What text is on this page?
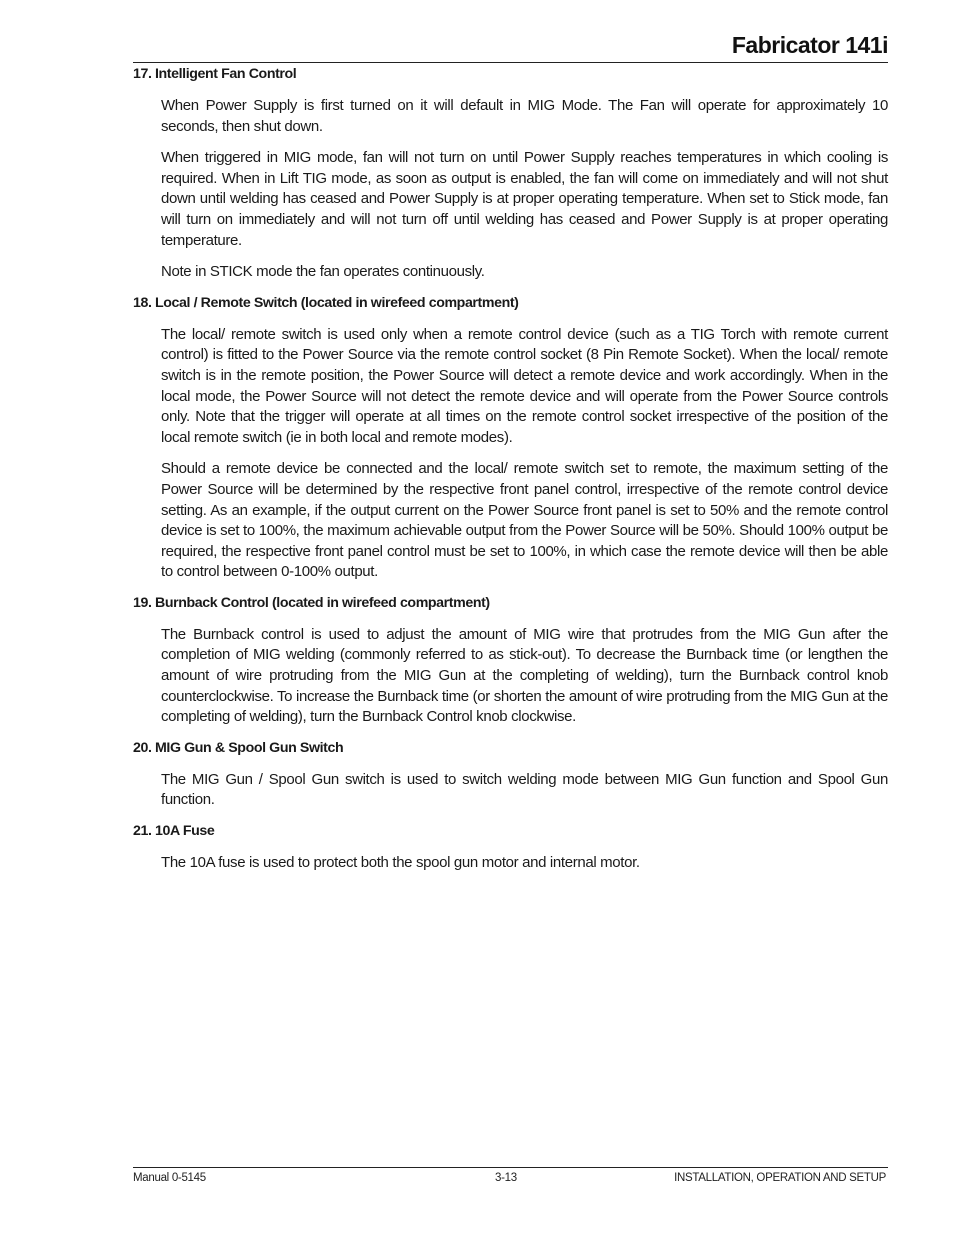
Fabricator 141i
17. Intelligent Fan Control

When Power Supply is first turned on it will default in MIG Mode. The Fan will operate for approximately 10 seconds, then shut down.

When triggered in MIG mode, fan will not turn on until Power Supply reaches temperatures in which cooling is required. When in Lift TIG mode, as soon as output is enabled, the fan will come on immediately and will not shut down until welding has ceased and Power Supply is at proper operating temperature. When set to Stick mode, fan will turn on immediately and will not turn off until welding has ceased and Power Supply is at proper operating temperature.

Note in STICK mode the fan operates continuously.

18. Local / Remote Switch (located in wirefeed compartment)

The local/ remote switch is used only when a remote control device (such as a TIG Torch with remote current control) is fitted to the Power Source via the remote control socket (8 Pin Remote Socket). When the local/ remote switch is in the remote position, the Power Source will detect a remote device and work accordingly. When in the local mode, the Power Source will not detect the remote device and will operate from the Power Source controls only. Note that the trigger will operate at all times on the remote control socket irrespective of the position of the local remote switch (ie in both local and remote modes).

Should a remote device be connected and the local/ remote switch set to remote, the maximum setting of the Power Source will be determined by the respective front panel control, irrespective of the remote control device setting. As an example, if the output current on the Power Source front panel is set to 50% and the remote control device is set to 100%, the maximum achievable output from the Power Source will be 50%. Should 100% output be required, the respective front panel control must be set to 100%, in which case the remote device will then be able to control between 0-100% output.

19. Burnback Control (located in wirefeed compartment)

The Burnback control is used to adjust the amount of MIG wire that protrudes from the MIG Gun after the completion of MIG welding (commonly referred to as stick-out). To decrease the Burnback time (or lengthen the amount of wire protruding from the MIG Gun at the completing of welding), turn the Burnback control knob counterclockwise. To increase the Burnback time (or shorten the amount of wire protruding from the MIG Gun at the completing of welding), turn the Burnback Control knob clockwise.

20. MIG Gun & Spool Gun Switch

The MIG Gun / Spool Gun switch is used to switch welding mode between MIG Gun function and Spool Gun function.

21. 10A Fuse

The 10A fuse is used to protect both the spool gun motor and internal motor.

Manual 0-5145	3-13	INSTALLATION, OPERATION AND SETUP
